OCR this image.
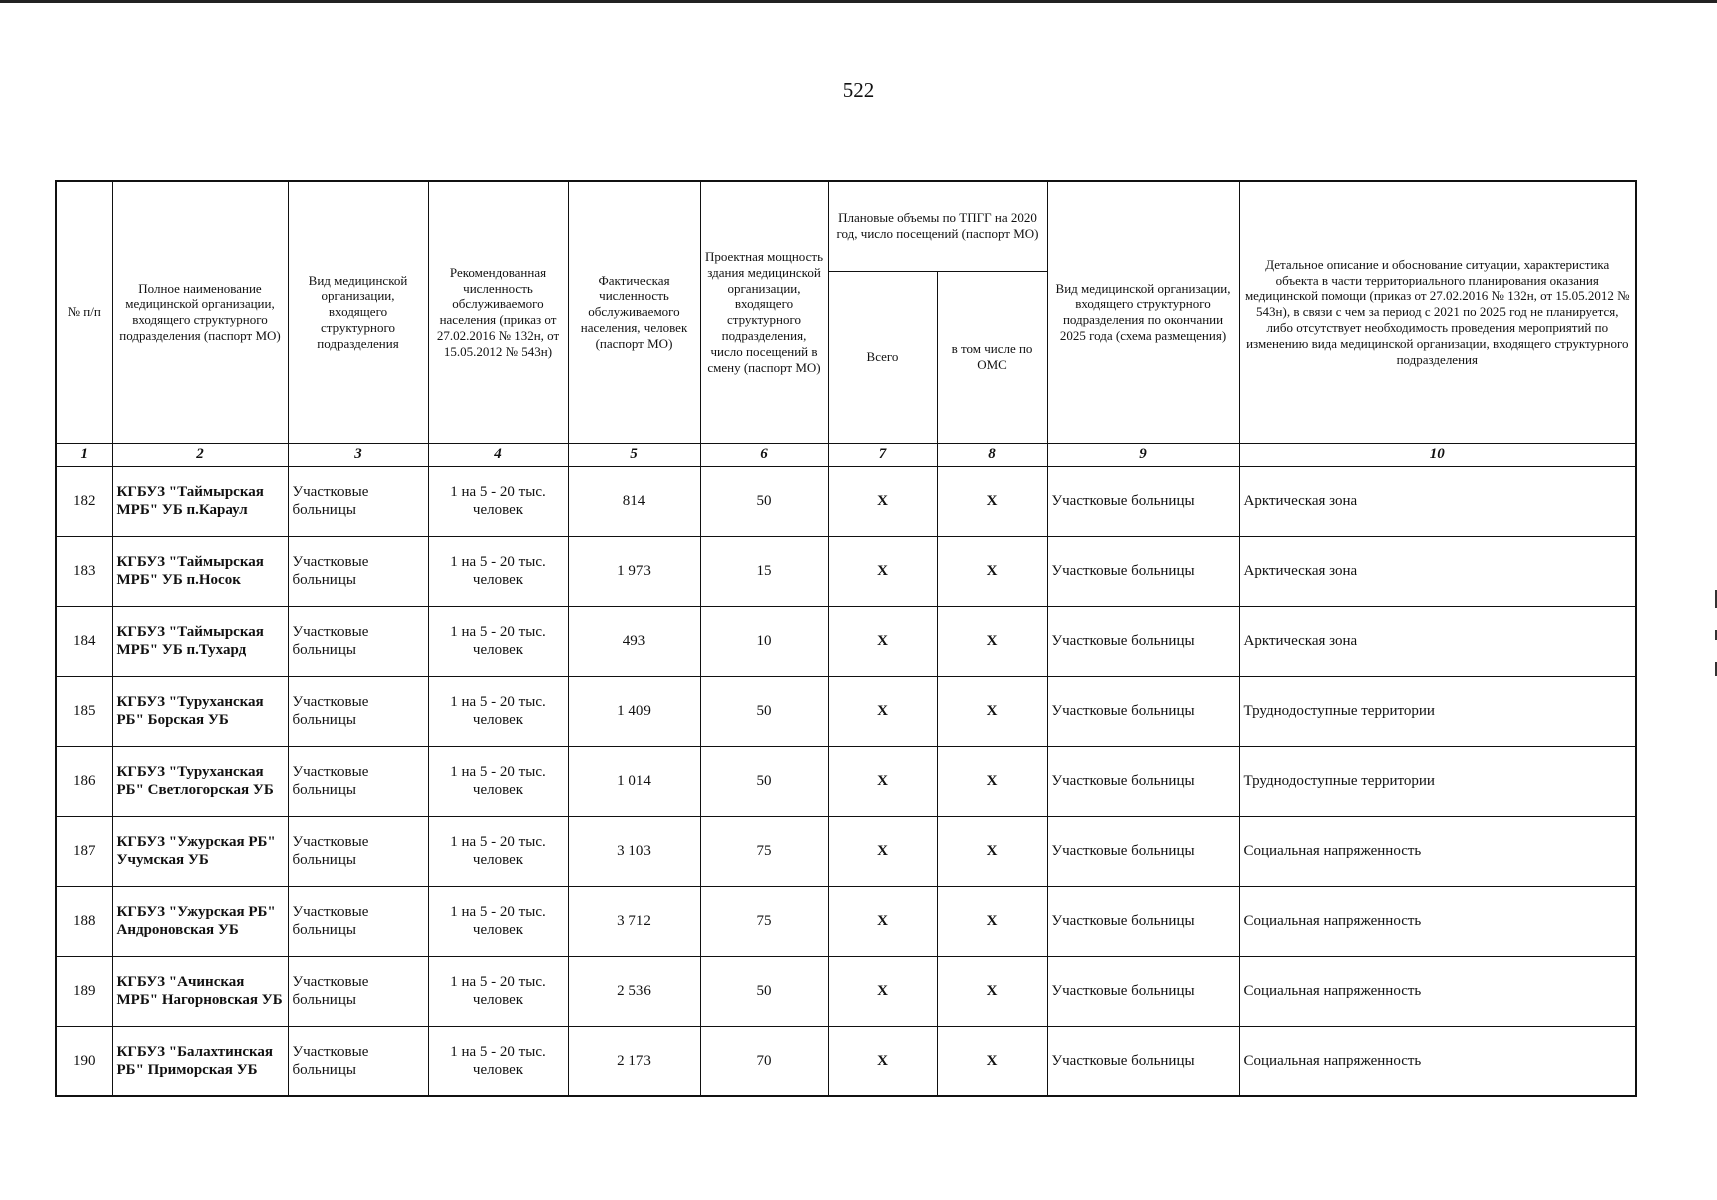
522
№ п/п	Полное наименование медицинской организации, входящего структурного подразделения (паспорт МО)	Вид медицинской организации, входящего структурного подразделения	Рекомендованная численность обслуживаемого населения (приказ от 27.02.2016 № 132н, от 15.05.2012 № 543н)	Фактическая численность обслуживаемого населения, человек (паспорт МО)	Проектная мощность здания медицинской организации, входящего структурного подразделения, число посещений в смену (паспорт МО)	Плановые объемы по ТПГГ на 2020 год, число посещений (паспорт МО)		Вид медицинской организации, входящего структурного подразделения по окончании 2025 года (схема размещения)	Детальное описание и обоснование ситуации, характеристика объекта в части территориального планирования оказания медицинской помощи (приказ от 27.02.2016 № 132н, от 15.05.2012 № 543н), в связи с чем за период с 2021 по 2025 год не планируется, либо отсутствует необходимость проведения мероприятий по изменению вида медицинской организации, входящего структурного подразделения
						Всего	в том числе по ОМС		
1	2	3	4	5	6	7	8	9	10
182	КГБУЗ "Таймырская МРБ" УБ п.Караул	Участковые больницы	1 на 5 - 20 тыс. человек	814	50	X	X	Участковые больницы	Арктическая зона
183	КГБУЗ "Таймырская МРБ" УБ п.Носок	Участковые больницы	1 на 5 - 20 тыс. человек	1 973	15	X	X	Участковые больницы	Арктическая зона
184	КГБУЗ "Таймырская МРБ" УБ п.Тухард	Участковые больницы	1 на 5 - 20 тыс. человек	493	10	X	X	Участковые больницы	Арктическая зона
185	КГБУЗ "Туруханская РБ" Борская УБ	Участковые больницы	1 на 5 - 20 тыс. человек	1 409	50	X	X	Участковые больницы	Труднодоступные территории
186	КГБУЗ "Туруханская РБ" Светлогорская УБ	Участковые больницы	1 на 5 - 20 тыс. человек	1 014	50	X	X	Участковые больницы	Труднодоступные территории
187	КГБУЗ "Ужурская РБ" Учумская УБ	Участковые больницы	1 на 5 - 20 тыс. человек	3 103	75	X	X	Участковые больницы	Социальная напряженность
188	КГБУЗ "Ужурская РБ" Андроновская УБ	Участковые больницы	1 на 5 - 20 тыс. человек	3 712	75	X	X	Участковые больницы	Социальная напряженность
189	КГБУЗ "Ачинская МРБ" Нагорновская УБ	Участковые больницы	1 на 5 - 20 тыс. человек	2 536	50	X	X	Участковые больницы	Социальная напряженность
190	КГБУЗ "Балахтинская РБ" Приморская УБ	Участковые больницы	1 на 5 - 20 тыс. человек	2 173	70	X	X	Участковые больницы	Социальная напряженность
